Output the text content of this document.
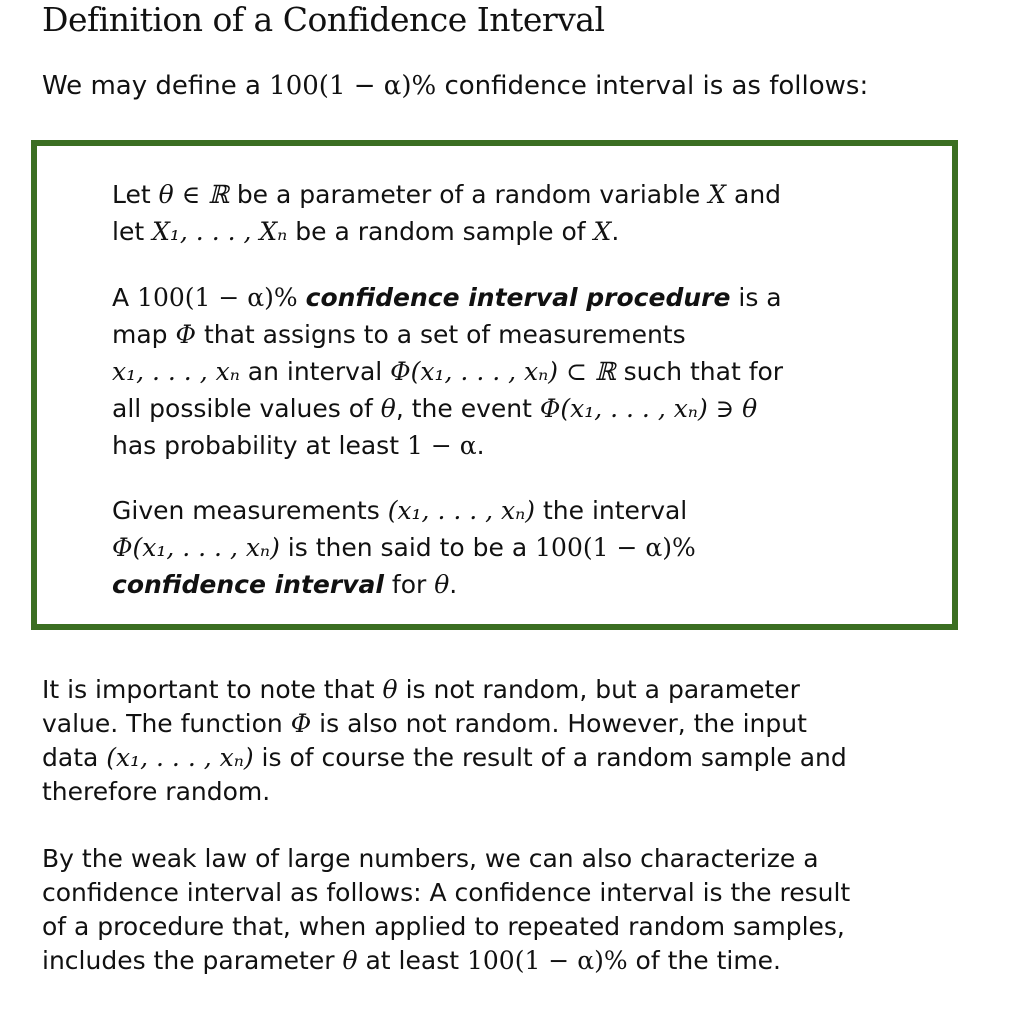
Definition of a Confidence Interval

We may define a 100(1 − α)% confidence interval is as follows:

Let θ ∈ ℝ be a parameter of a random variable X and
let X₁, . . . , Xₙ be a random sample of X.

A 100(1 − α)% confidence interval procedure is a
map Φ that assigns to a set of measurements
x₁, . . . , xₙ an interval Φ(x₁, . . . , xₙ) ⊂ ℝ such that for
all possible values of θ, the event Φ(x₁, . . . , xₙ) ∋ θ
has probability at least 1 − α.

Given measurements (x₁, . . . , xₙ) the interval
Φ(x₁, . . . , xₙ) is then said to be a 100(1 − α)%
confidence interval for θ.

It is important to note that θ is not random, but a parameter
value. The function Φ is also not random. However, the input
data (x₁, . . . , xₙ) is of course the result of a random sample and
therefore random.

By the weak law of large numbers, we can also characterize a
confidence interval as follows: A confidence interval is the result
of a procedure that, when applied to repeated random samples,
includes the parameter θ at least 100(1 − α)% of the time.
